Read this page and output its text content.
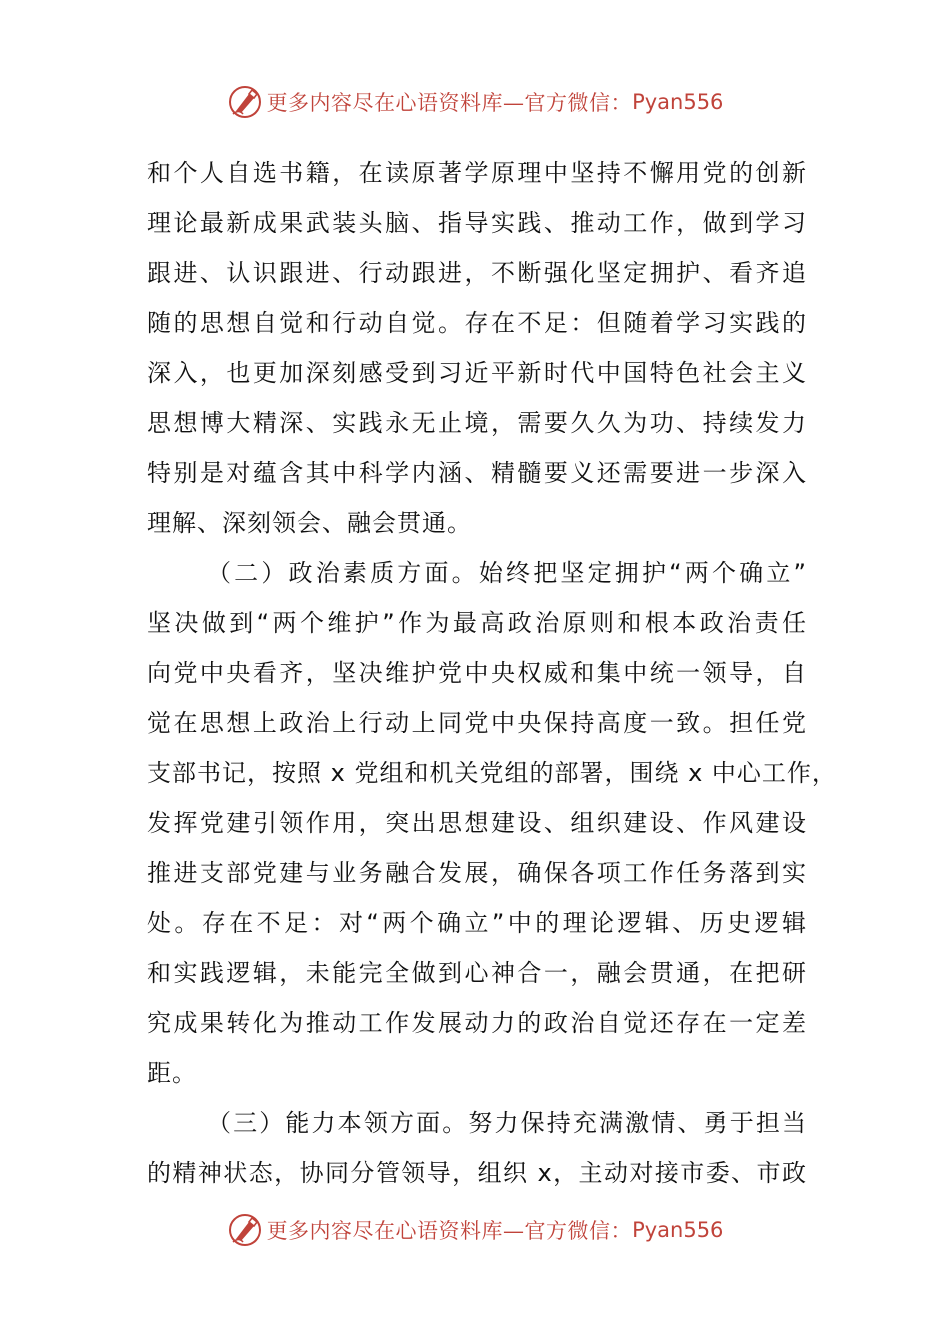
更多内容尽在心语资料库—官方微信： Pyan556
和个人自选书籍，在读原著学原理中坚持不懈用党的创新
理论最新成果武装头脑、指导实践、推动工作，做到学习
跟进、认识跟进、行动跟进，不断强化坚定拥护、看齐追
随的思想自觉和行动自觉。存在不足：但随着学习实践的
深入，也更加深刻感受到习近平新时代中国特色社会主义
思想博大精深、实践永无止境，需要久久为功、持续发力
特别是对蕴含其中科学内涵、精髓要义还需要进一步深入
理解、深刻领会、融会贯通。
（二）政治素质方面。始终把坚定拥护“两个确立”
坚决做到“两个维护”作为最高政治原则和根本政治责任
向党中央看齐，坚决维护党中央权威和集中统一领导，自
觉在思想上政治上行动上同党中央保持高度一致。担任党
支部书记，按照 x 党组和机关党组的部署，围绕 x 中心工作，
发挥党建引领作用，突出思想建设、组织建设、作风建设
推进支部党建与业务融合发展，确保各项工作任务落到实
处。存在不足：对“两个确立”中的理论逻辑、历史逻辑
和实践逻辑，未能完全做到心神合一，融会贯通，在把研
究成果转化为推动工作发展动力的政治自觉还存在一定差
距。
（三）能力本领方面。努力保持充满激情、勇于担当
的精神状态，协同分管领导，组织 x，主动对接市委、市政
更多内容尽在心语资料库—官方微信： Pyan556
